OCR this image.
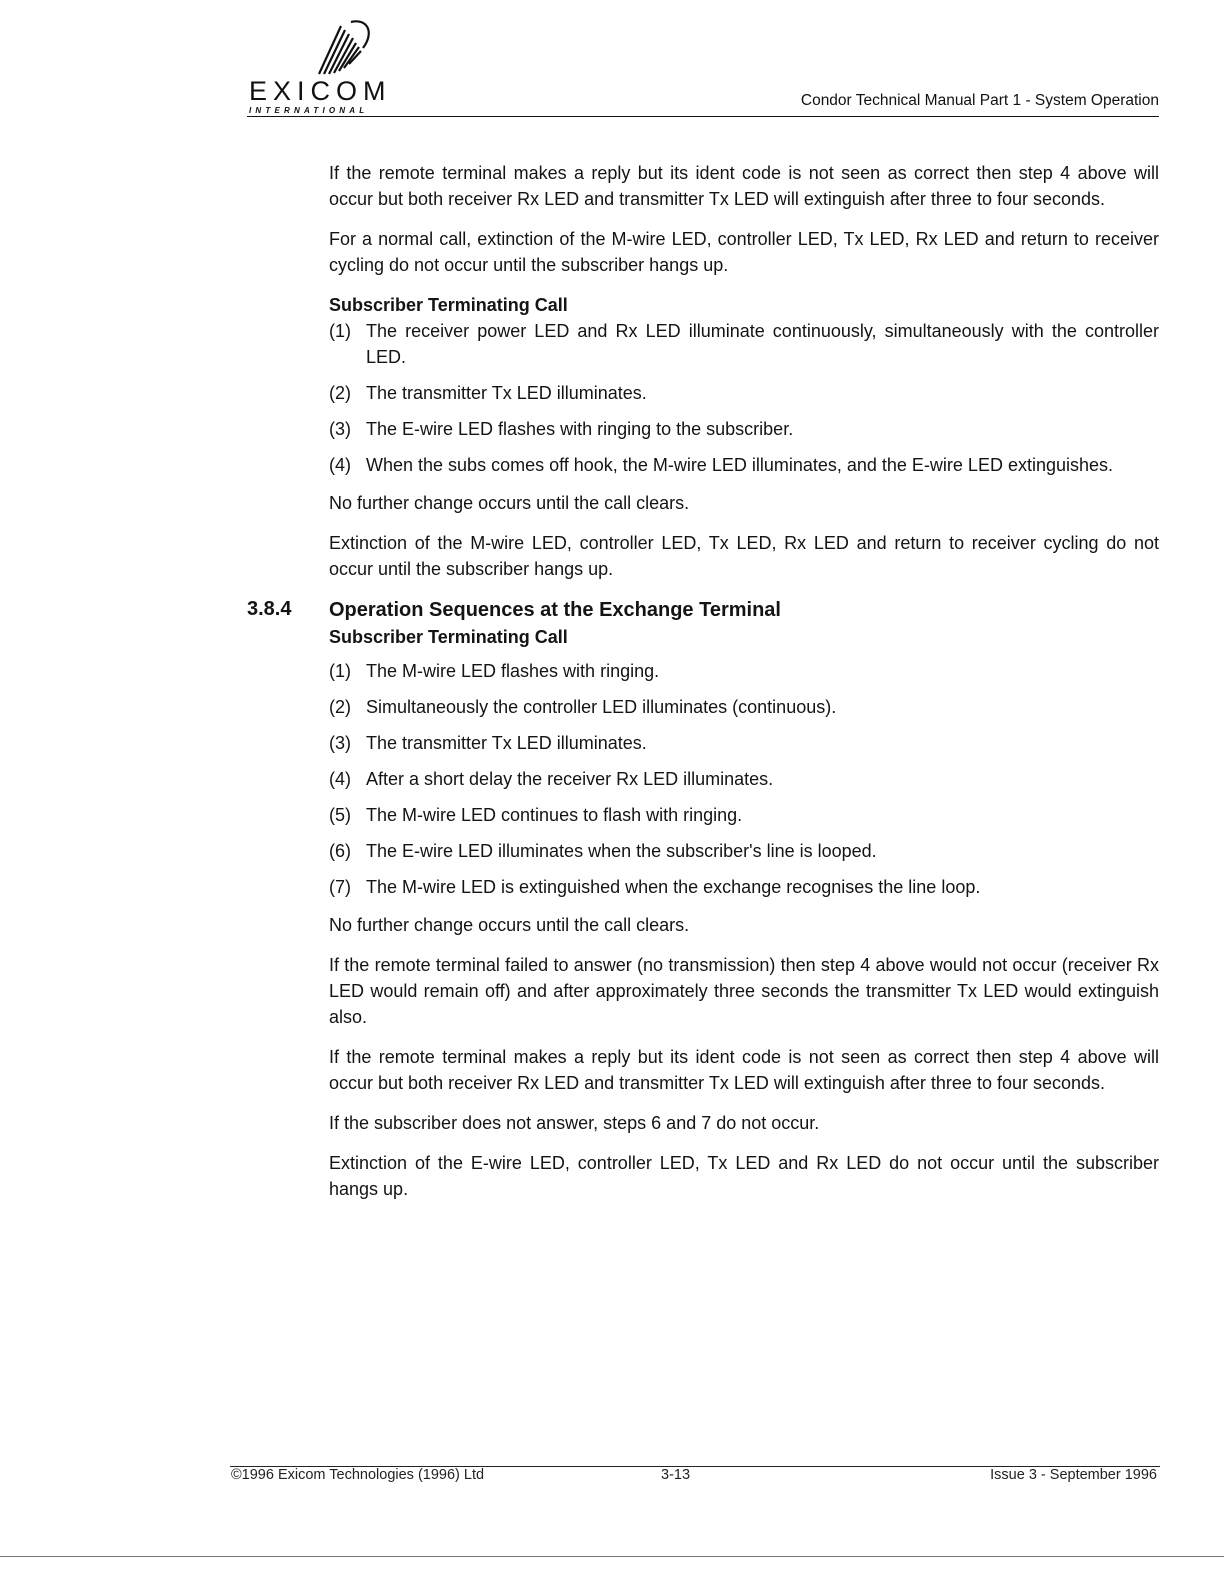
EXICOM
INTERNATIONAL
Condor Technical Manual Part 1 - System Operation

If the remote terminal makes a reply but its ident code is not seen as correct then step 4 above will occur but both receiver Rx LED and transmitter Tx LED will extinguish after three to four seconds.

For a normal call, extinction of the M-wire LED, controller LED, Tx LED, Rx LED and return to receiver cycling do not occur until the subscriber hangs up.

Subscriber Terminating Call

(1) The receiver power LED and Rx LED illuminate continuously, simultaneously with the controller LED.
(2) The transmitter Tx LED illuminates.
(3) The E-wire LED flashes with ringing to the subscriber.
(4) When the subs comes off hook, the M-wire LED illuminates, and the E-wire LED extinguishes.

No further change occurs until the call clears.

Extinction of the M-wire LED, controller LED, Tx LED, Rx LED and return to receiver cycling do not occur until the subscriber hangs up.

3.8.4 Operation Sequences at the Exchange Terminal

Subscriber Terminating Call

(1) The M-wire LED flashes with ringing.
(2) Simultaneously the controller LED illuminates (continuous).
(3) The transmitter Tx LED illuminates.
(4) After a short delay the receiver Rx LED illuminates.
(5) The M-wire LED continues to flash with ringing.
(6) The E-wire LED illuminates when the subscriber's line is looped.
(7) The M-wire LED is extinguished when the exchange recognises the line loop.

No further change occurs until the call clears.

If the remote terminal failed to answer (no transmission) then step 4 above would not occur (receiver Rx LED would remain off) and after approximately three seconds the transmitter Tx LED would extinguish also.

If the remote terminal makes a reply but its ident code is not seen as correct then step 4 above will occur but both receiver Rx LED and transmitter Tx LED will extinguish after three to four seconds.

If the subscriber does not answer, steps 6 and 7 do not occur.

Extinction of the E-wire LED, controller LED, Tx LED and Rx LED do not occur until the subscriber hangs up.

©1996 Exicom Technologies (1996) Ltd	3-13	Issue 3 - September 1996
